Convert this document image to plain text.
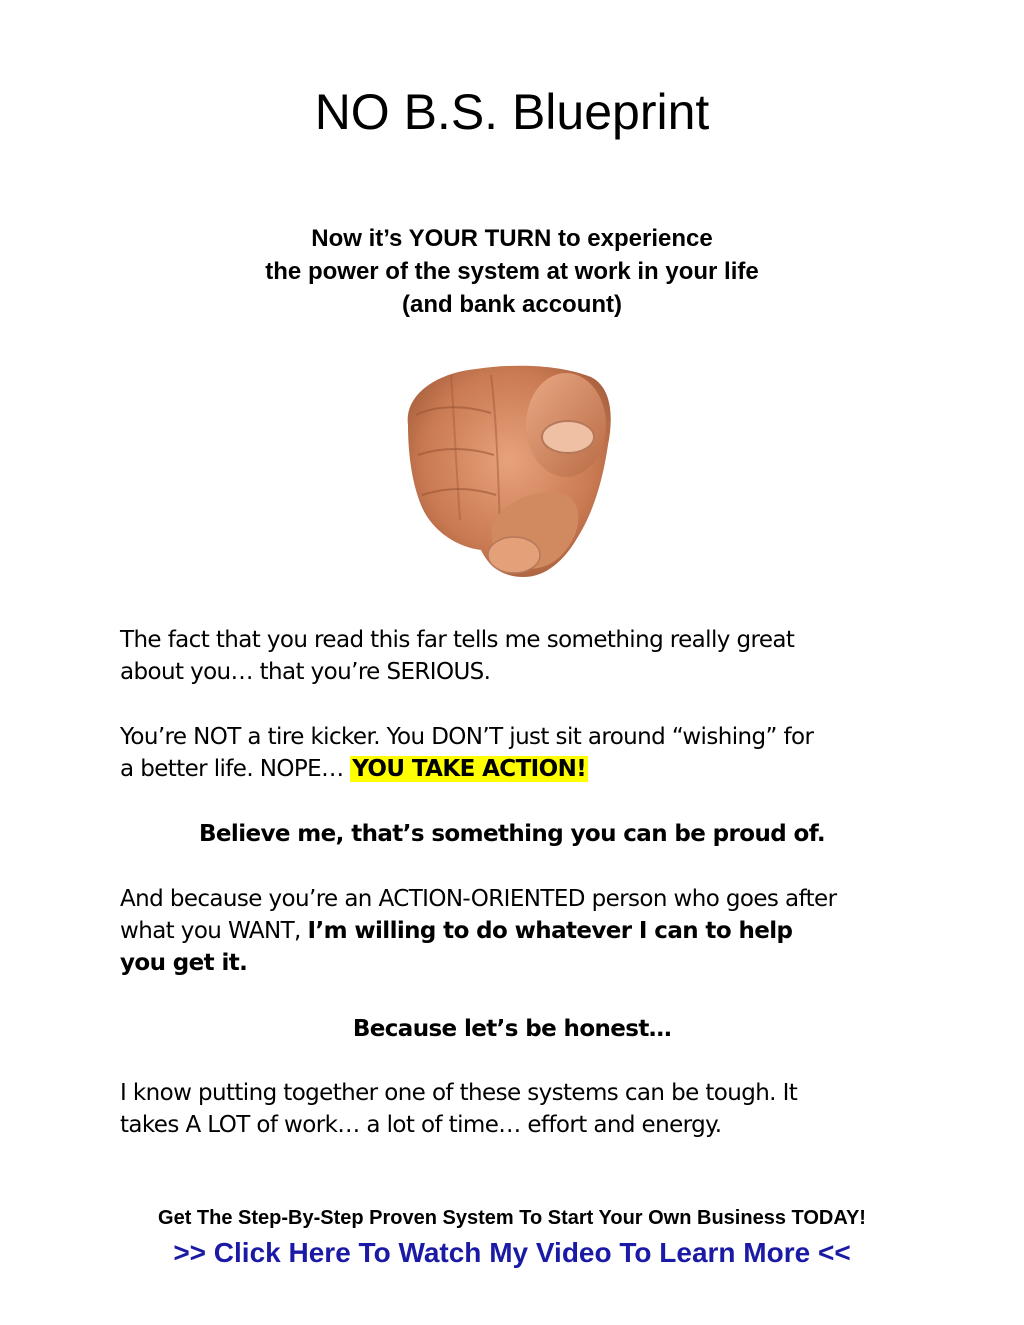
NO B.S. Blueprint
Now it’s YOUR TURN to experience
the power of the system at work in your life
(and bank account)
The fact that you read this far tells me something really great
about you… that you’re SERIOUS.
You’re NOT a tire kicker. You DON’T just sit around “wishing” for
a better life. NOPE… YOU TAKE ACTION!
Believe me, that’s something you can be proud of.
And because you’re an ACTION-ORIENTED person who goes after
what you WANT, I’m willing to do whatever I can to help
you get it.
Because let’s be honest…
I know putting together one of these systems can be tough. It
takes A LOT of work… a lot of time… effort and energy.
Get The Step-By-Step Proven System To Start Your Own Business TODAY!
>> Click Here To Watch My Video To Learn More <<
